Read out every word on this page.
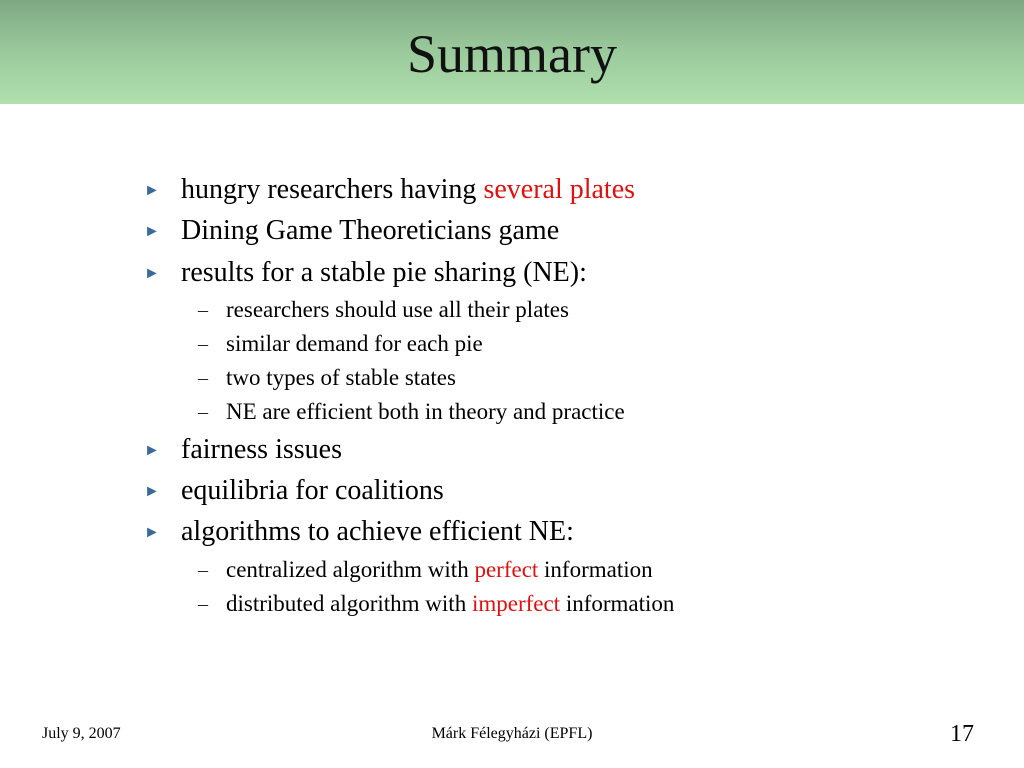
Summary
► hungry researchers having several plates
► Dining Game Theoreticians game
► results for a stable pie sharing (NE):
– researchers should use all their plates
– similar demand for each pie
– two types of stable states
– NE are efficient both in theory and practice
► fairness issues
► equilibria for coalitions
► algorithms to achieve efficient NE:
– centralized algorithm with perfect information
– distributed algorithm with imperfect information
July 9, 2007	Márk Félegyházi (EPFL)	17
